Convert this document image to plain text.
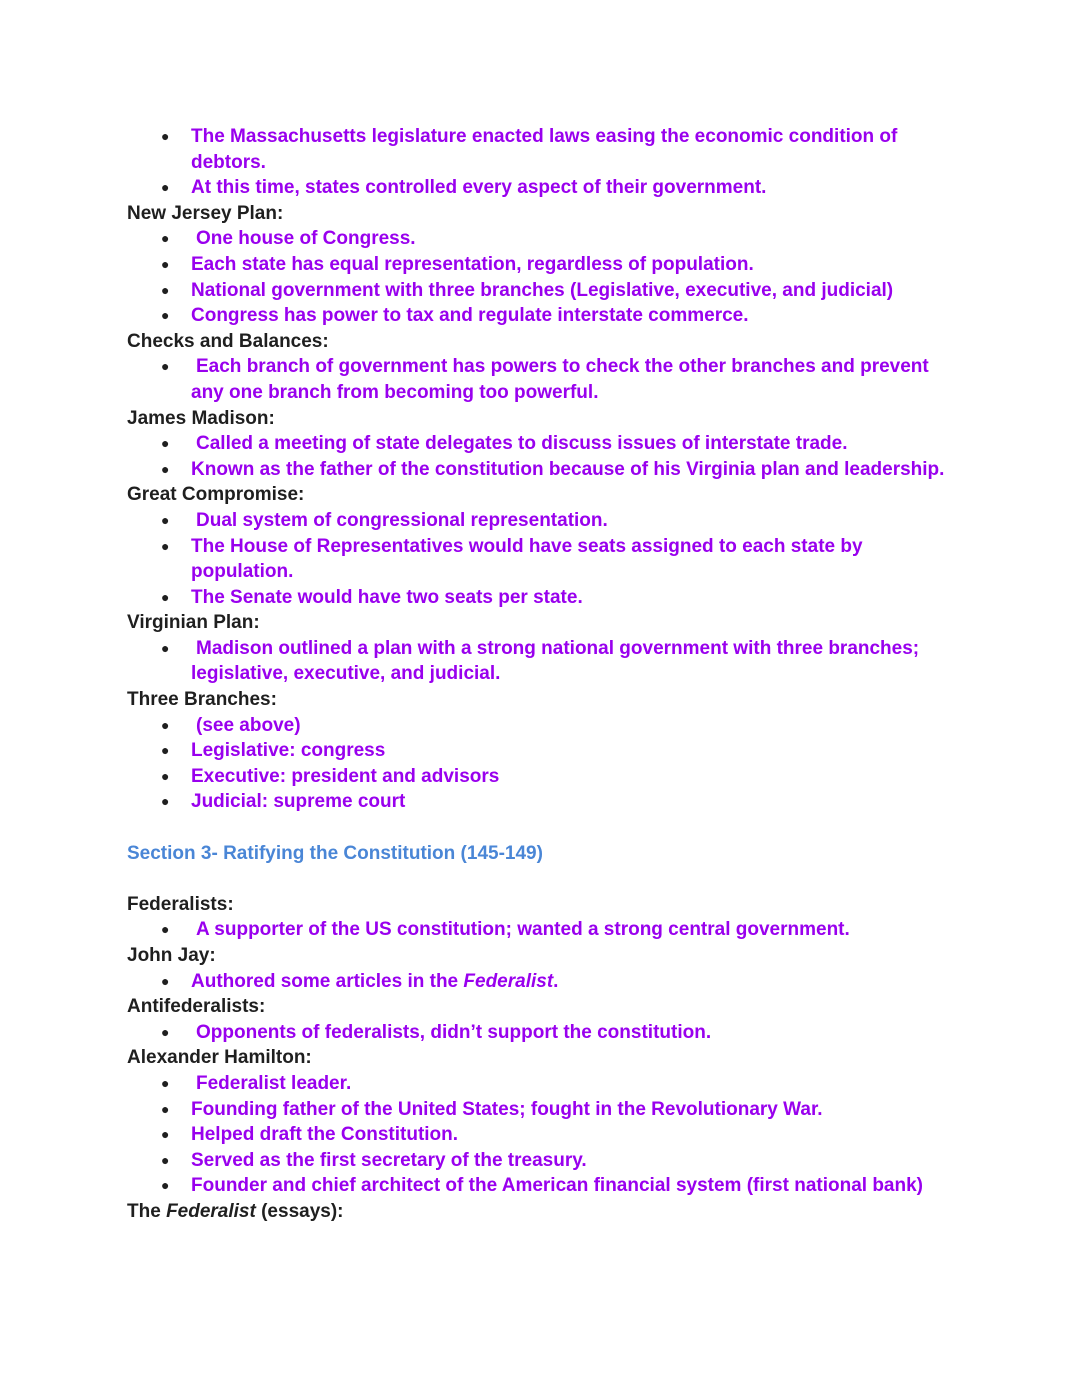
● The Massachusetts legislature enacted laws easing the economic condition of debtors.
● At this time, states controlled every aspect of their government.
New Jersey Plan:
● One house of Congress.
● Each state has equal representation, regardless of population.
● National government with three branches (Legislative, executive, and judicial)
● Congress has power to tax and regulate interstate commerce.
Checks and Balances:
● Each branch of government has powers to check the other branches and prevent any one branch from becoming too powerful.
James Madison:
● Called a meeting of state delegates to discuss issues of interstate trade.
● Known as the father of the constitution because of his Virginia plan and leadership.
Great Compromise:
● Dual system of congressional representation.
● The House of Representatives would have seats assigned to each state by population.
● The Senate would have two seats per state.
Virginian Plan:
● Madison outlined a plan with a strong national government with three branches; legislative, executive, and judicial.
Three Branches:
● (see above)
● Legislative: congress
● Executive: president and advisors
● Judicial: supreme court
Section 3- Ratifying the Constitution (145-149)
Federalists:
● A supporter of the US constitution; wanted a strong central government.
John Jay:
● Authored some articles in the Federalist.
Antifederalists:
● Opponents of federalists, didn’t support the constitution.
Alexander Hamilton:
● Federalist leader.
● Founding father of the United States; fought in the Revolutionary War.
● Helped draft the Constitution.
● Served as the first secretary of the treasury.
● Founder and chief architect of the American financial system (first national bank)
The Federalist (essays):
